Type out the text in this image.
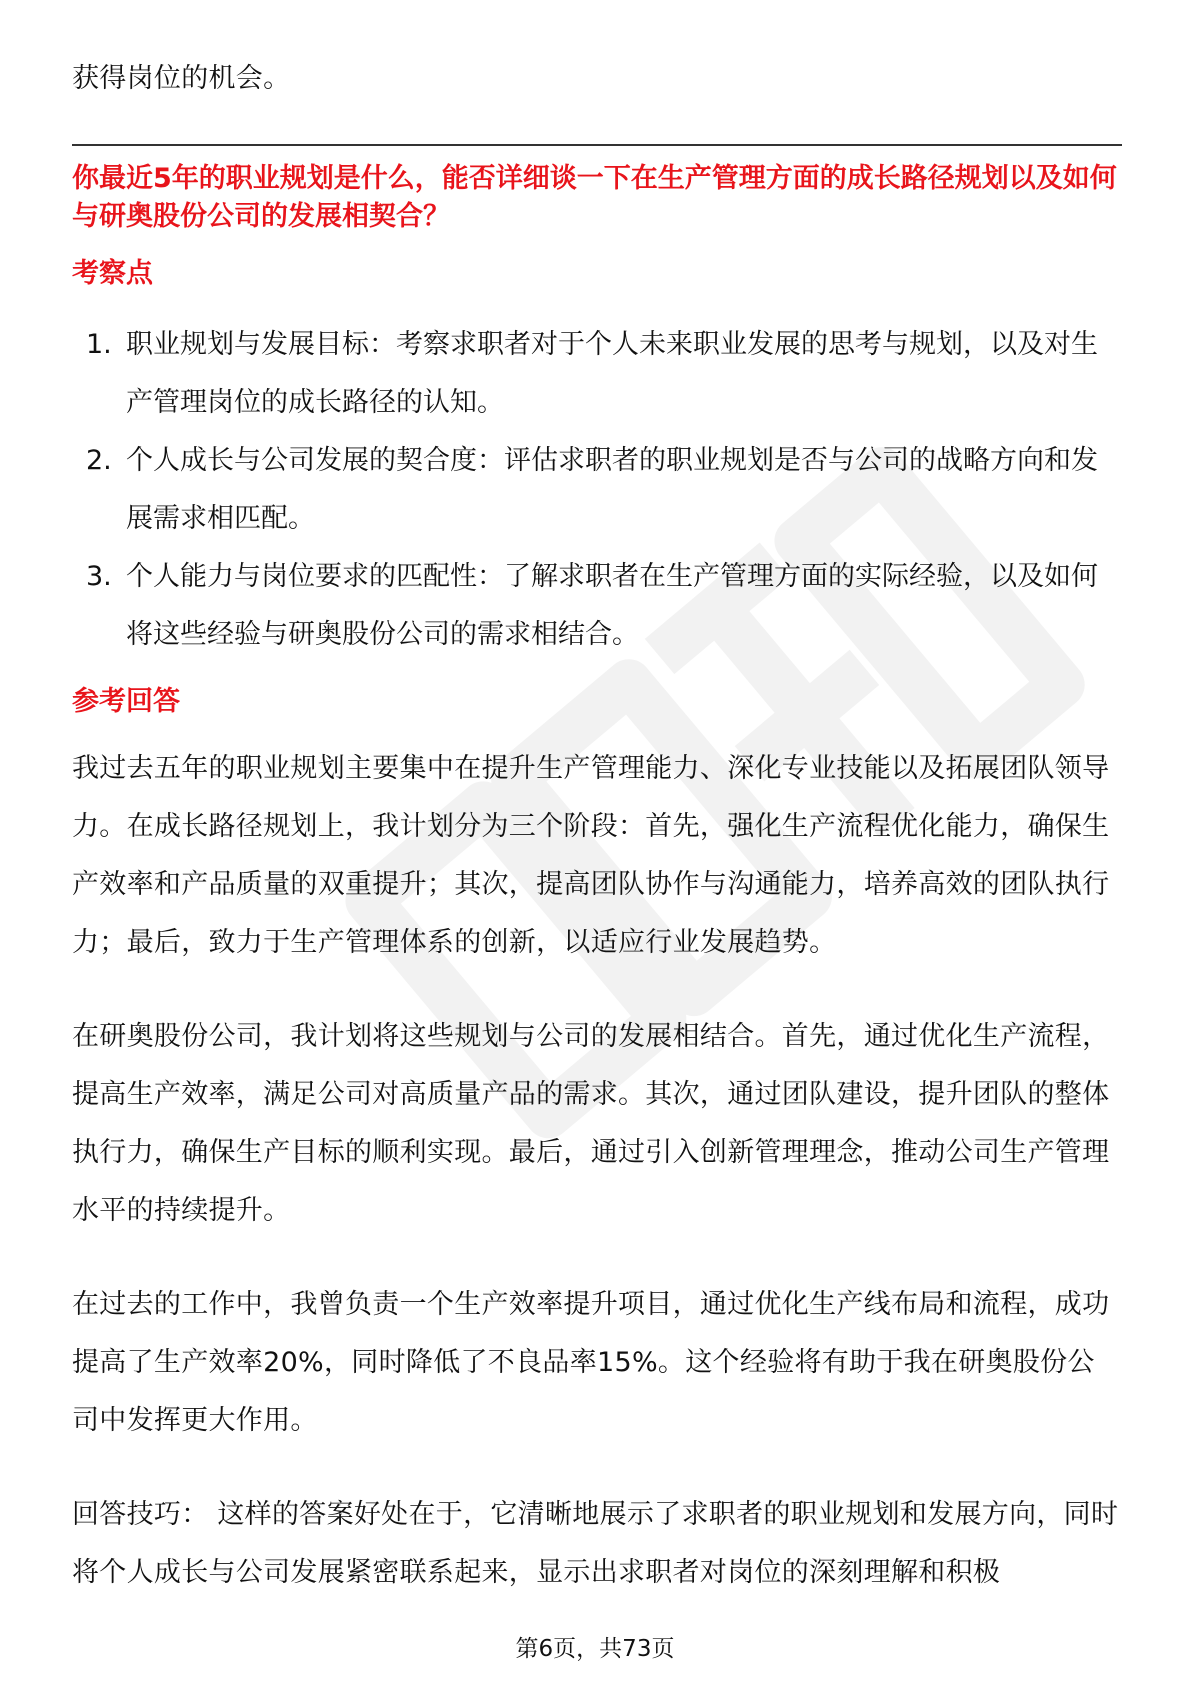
获得岗位的机会。

你最近5年的职业规划是什么，能否详细谈一下在生产管理方面的成长路径规划以及如何与研奥股份公司的发展相契合？

考察点
1. 职业规划与发展目标：考察求职者对于个人未来职业发展的思考与规划，以及对生产管理岗位的成长路径的认知。
2. 个人成长与公司发展的契合度：评估求职者的职业规划是否与公司的战略方向和发展需求相匹配。
3. 个人能力与岗位要求的匹配性：了解求职者在生产管理方面的实际经验，以及如何将这些经验与研奥股份公司的需求相结合。
参考回答

我过去五年的职业规划主要集中在提升生产管理能力、深化专业技能以及拓展团队领导力。在成长路径规划上，我计划分为三个阶段：首先，强化生产流程优化能力，确保生产效率和产品质量的双重提升；其次，提高团队协作与沟通能力，培养高效的团队执行力；最后，致力于生产管理体系的创新，以适应行业发展趋势。

在研奥股份公司，我计划将这些规划与公司的发展相结合。首先，通过优化生产流程，提高生产效率，满足公司对高质量产品的需求。其次，通过团队建设，提升团队的整体执行力，确保生产目标的顺利实现。最后，通过引入创新管理理念，推动公司生产管理水平的持续提升。

在过去的工作中，我曾负责一个生产效率提升项目，通过优化生产线布局和流程，成功提高了生产效率20%，同时降低了不良品率15%。这个经验将有助于我在研奥股份公司中发挥更大作用。

回答技巧： 这样的答案好处在于，它清晰地展示了求职者的职业规划和发展方向，同时将个人成长与公司发展紧密联系起来，显示出求职者对岗位的深刻理解和积极

第6页，共73页
